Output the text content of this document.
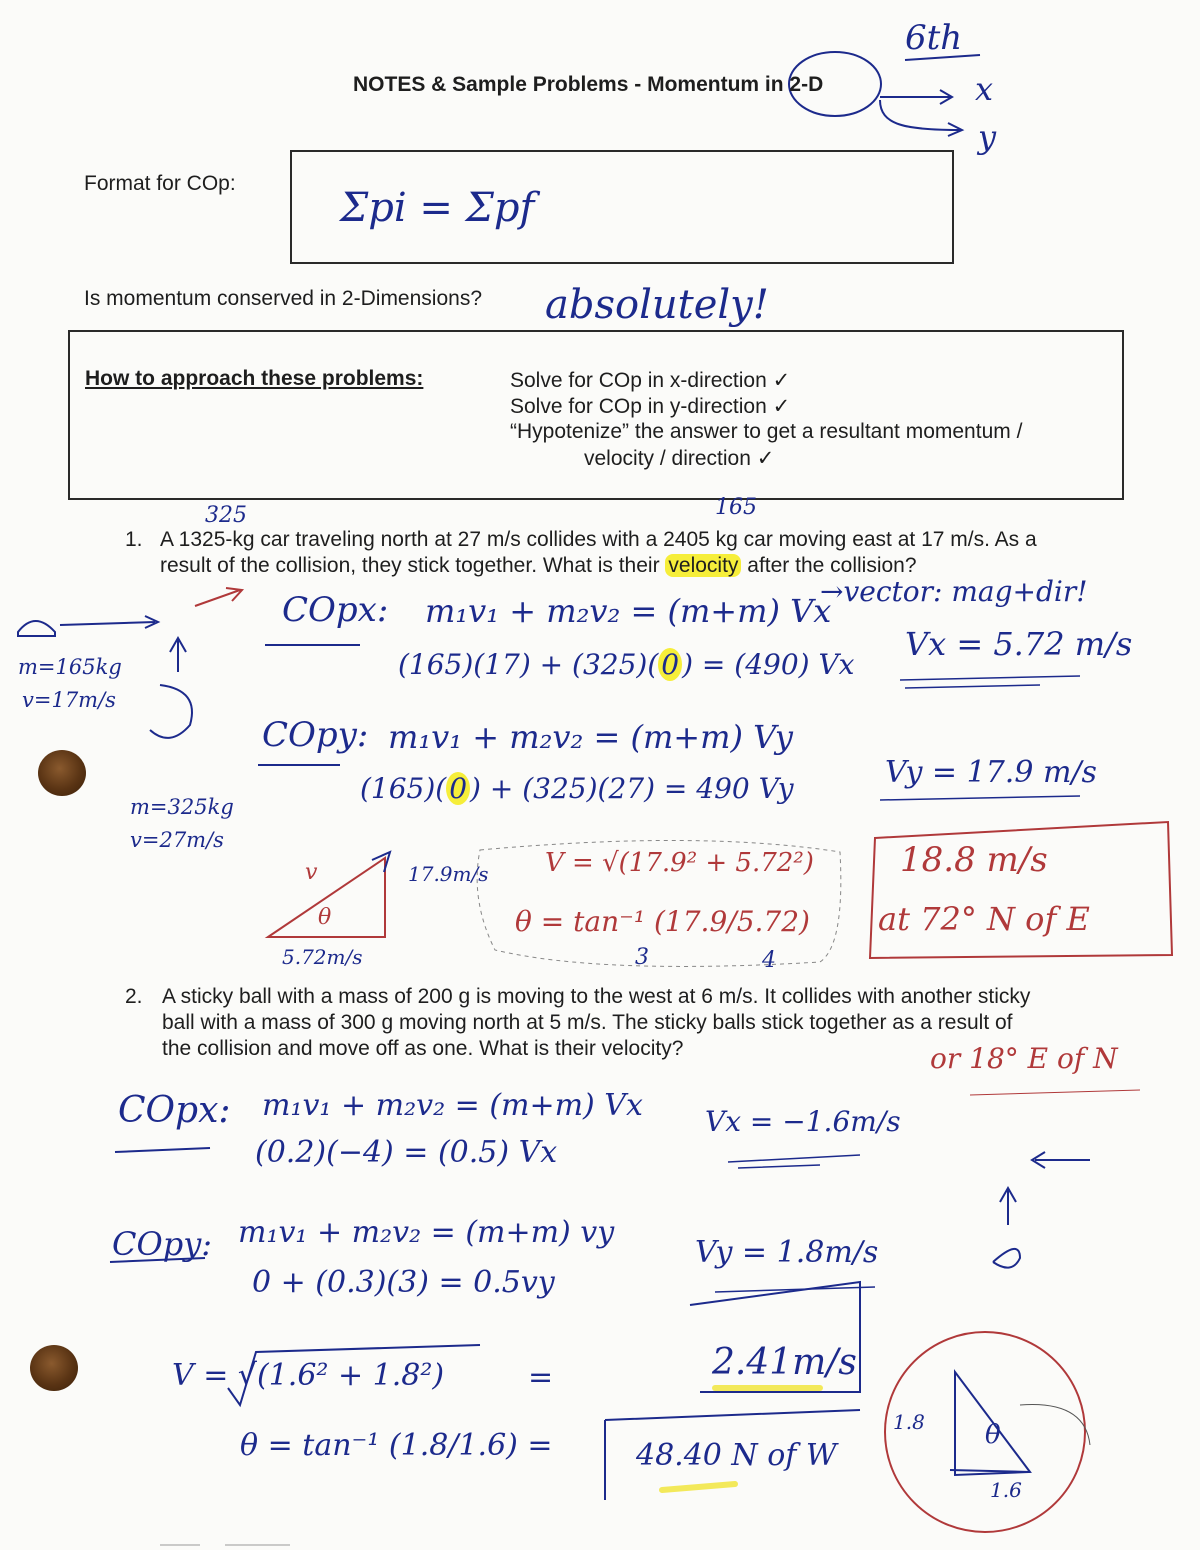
6th
NOTES & Sample Problems - Momentum in 2-D	x
y
Format for COp:
Σpi = Σpf
Is momentum conserved in 2-Dimensions? absolutely!
How to approach these problems:	Solve for COp in x-direction ✓
Solve for COp in y-direction ✓
“Hypotenize” the answer to get a resultant momentum /
velocity / direction ✓
325	165
1. A 1325-kg car traveling north at 27 m/s collides with a 2405 kg car moving east at 17 m/s. As a
result of the collision, they stick together. What is their velocity after the collision?
→vector: mag+dir!
m=165kg
v=17m/s
m=325kg
v=27m/s
COpx: m₁v₁ + m₂v₂ = (m+m) Vx
(165)(17) + (325)( 0 ) = (490) Vx
Vx = 5.72 m/s
COpy: m₁v₁ + m₂v₂ = (m+m) Vy
(165)( 0 ) + (325)(27) = 490 Vy	Vy = 17.9 m/s
v
θ
17.9m/s
5.72m/s
V = √(17.9² + 5.72²)
θ = tan⁻¹ (17.9/5.72)
18.8 m/s
at 72° N of E
or 18° E of N
3	4
2. A sticky ball with a mass of 200 g is moving to the west at 6 m/s. It collides with another sticky
ball with a mass of 300 g moving north at 5 m/s. The sticky balls stick together as a result of
the collision and move off as one. What is their velocity?
COpx: m₁v₁ + m₂v₂ = (m+m) Vx
(0.2)(−4) = (0.5) Vx
Vx = −1.6m/s
COpy: m₁v₁ + m₂v₂ = (m+m) vy
0 + (0.3)(3) = 0.5vy
Vy = 1.8m/s
V = √(1.6² + 1.8²)	=	2.41m/s
θ = tan⁻¹ (1.8/1.6) =	48.40 N of W
1.8
1.6
θ
